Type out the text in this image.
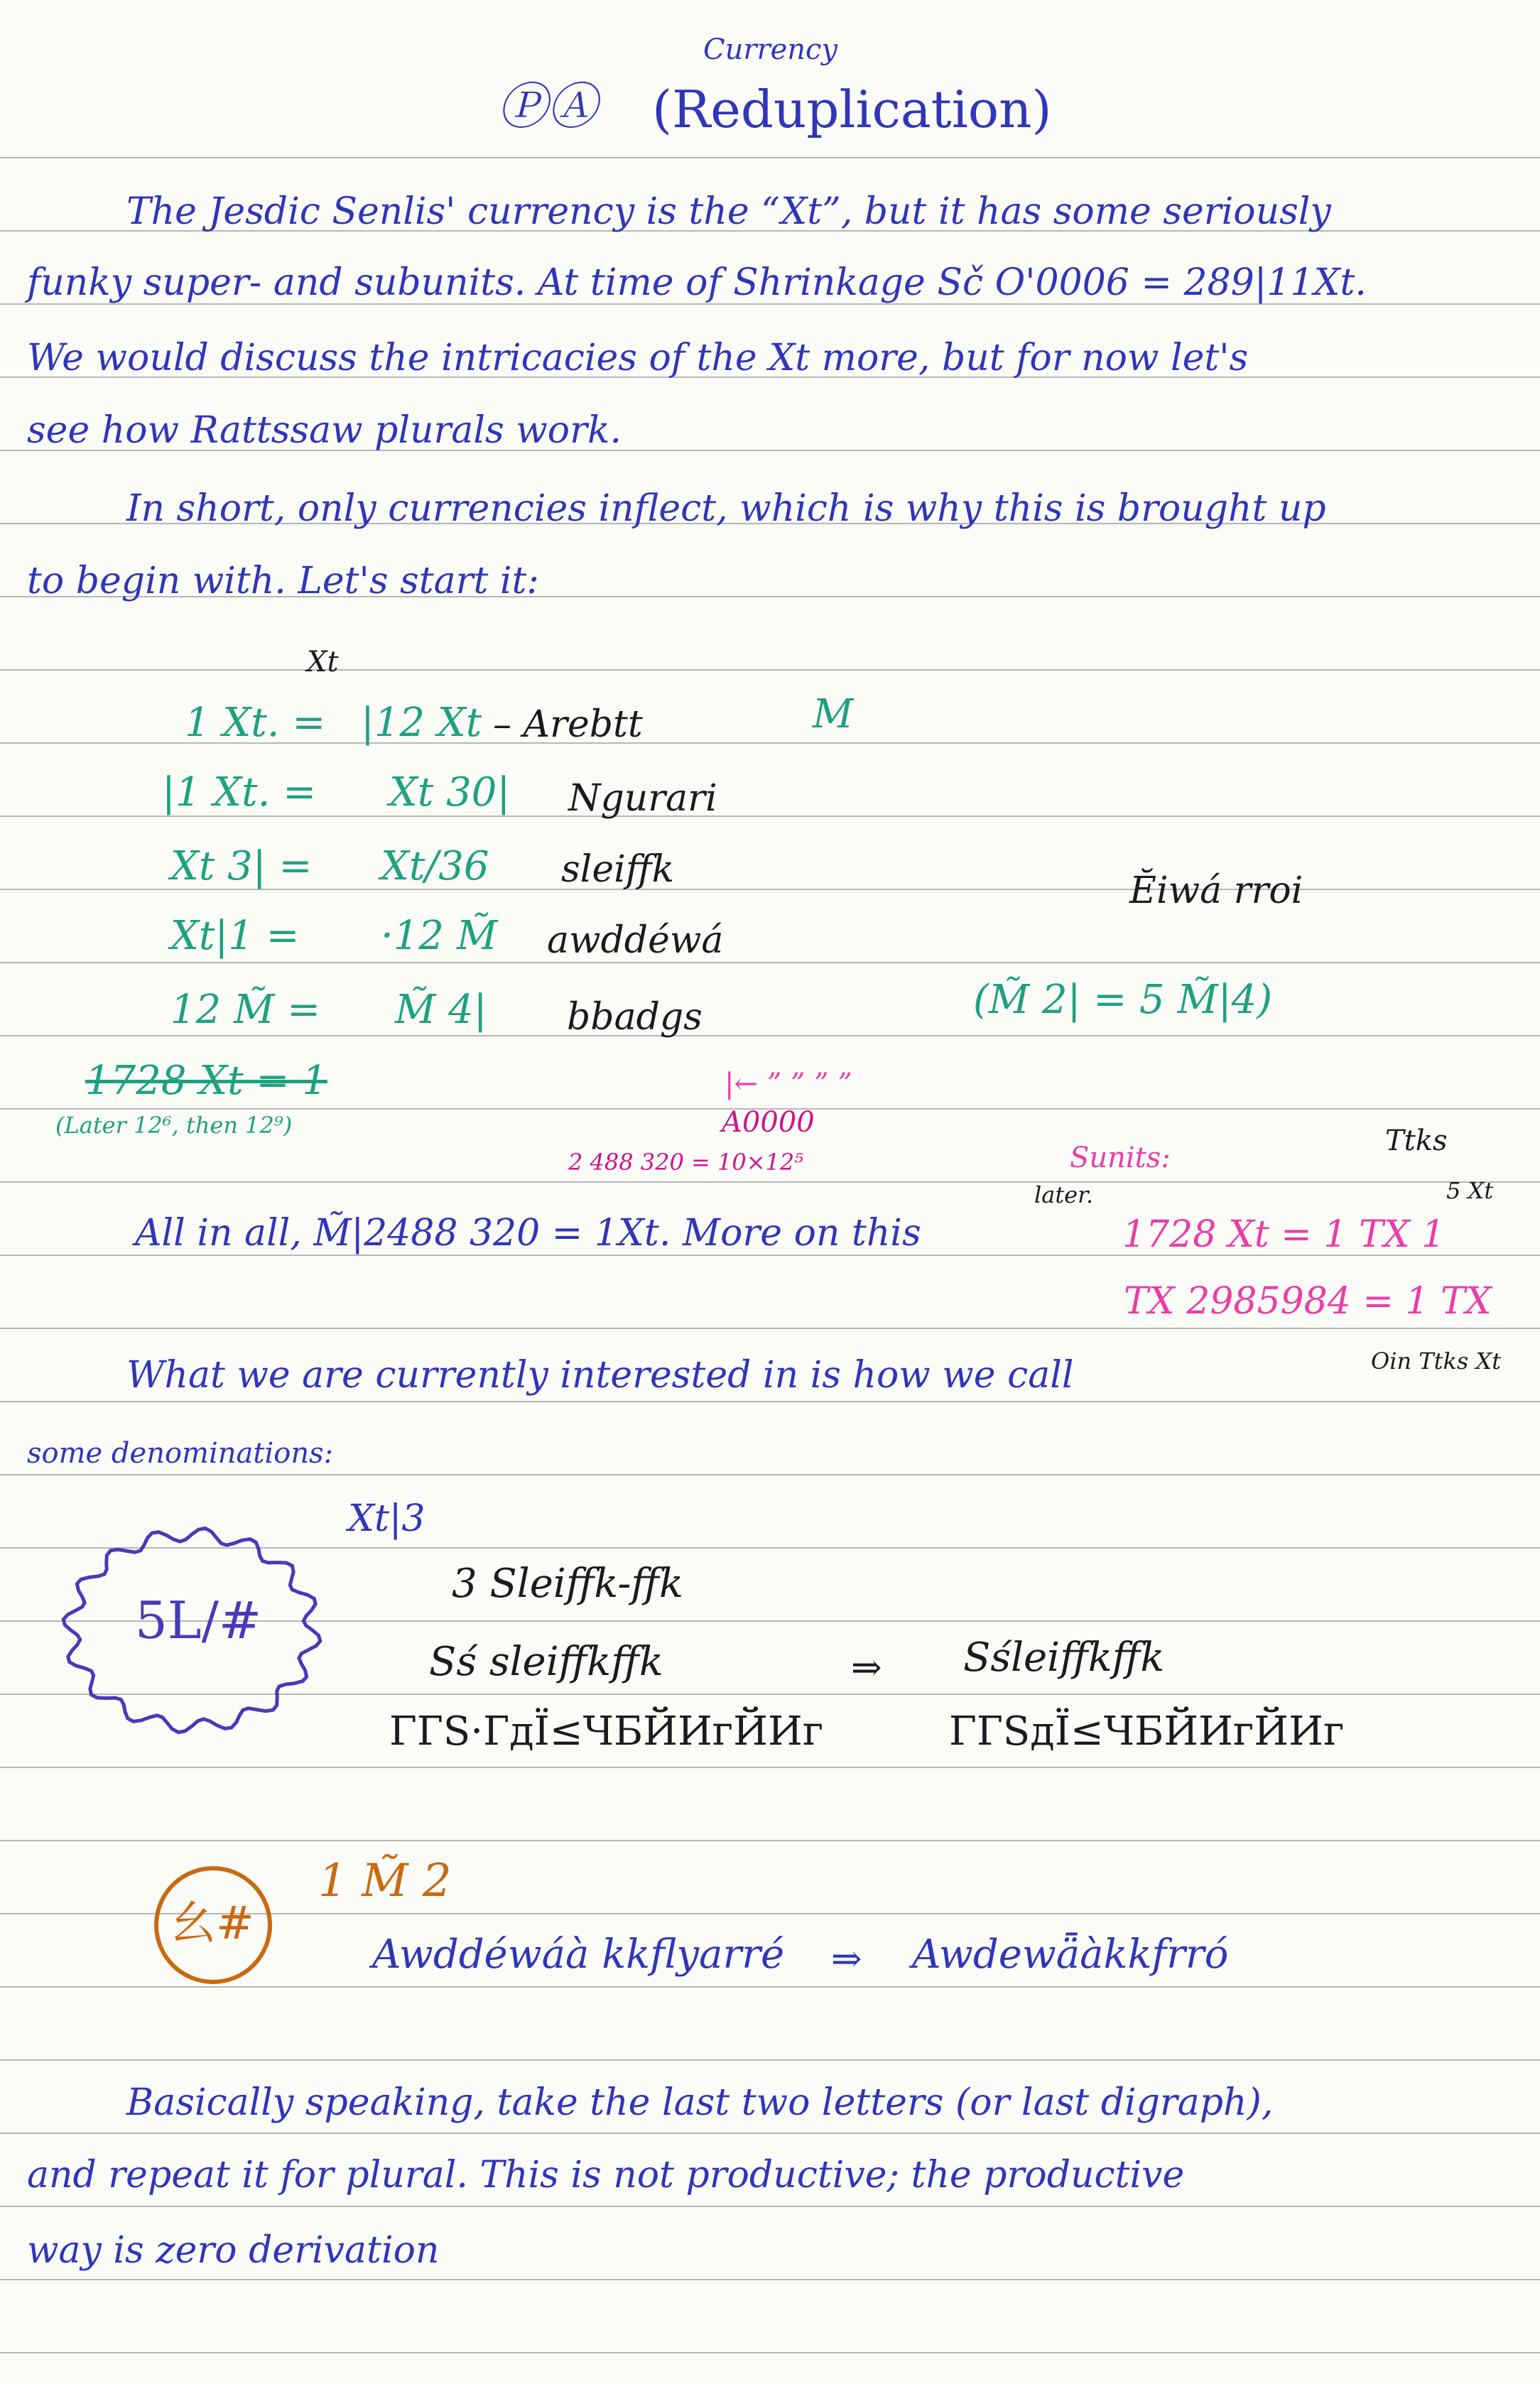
Currency
ⓅⒶ (Reduplication)
The Jesdic Senlis' currency is the “Xt”, but it has some seriously
funky super- and subunits. At time of Shrinkage Sč O'0006 = 289|11Xt.
We would discuss the intricacies of the Xt more, but for now let's
see how Rattssaw plurals work.
In short, only currencies inflect, which is why this is brought up
to begin with. Let's start it:
Xt
1 Xt. = |12 Xt – Arebtt
|1 Xt. = Xt 30| Ngurari
Xt 3| = Xt/36 sleiffk
Xt|1 = ·12 M̃ awddéwá
12 M̃ = M̃ 4| bbadgs
1728 Xt = 1
(Later 12⁶, then 12⁹)
M
Ĕiwá rroi
(M̃ 2| = 5 M̃|4)
|← ” ” ” ”
A0000
2 488 320 = 10×12⁵	Sunits:
later.
Ttks
5 Xt
1728 Xt = 1 TX 1
TX 2985984 = 1 TX
Oin Ttks Xt
All in all, M̃|2488 320 = 1Xt. More on this
What we are currently interested in is how we call
some denominations:
5L/#
Xt|3
3 Sleiffk-ffk
Sś sleiffkffk	⇒ Sśleiffkffk
ΓГЅ·ГдЇ≤ЧБЙИгЙИг	ΓГЅдЇ≤ЧБЙИгЙИг
幺#
1 M̃ 2
Awddéwáà kkflyarré ⇒ Awdewǟàkkfrró
Basically speaking, take the last two letters (or last digraph),
and repeat it for plural. This is not productive; the productive
way is zero derivation
